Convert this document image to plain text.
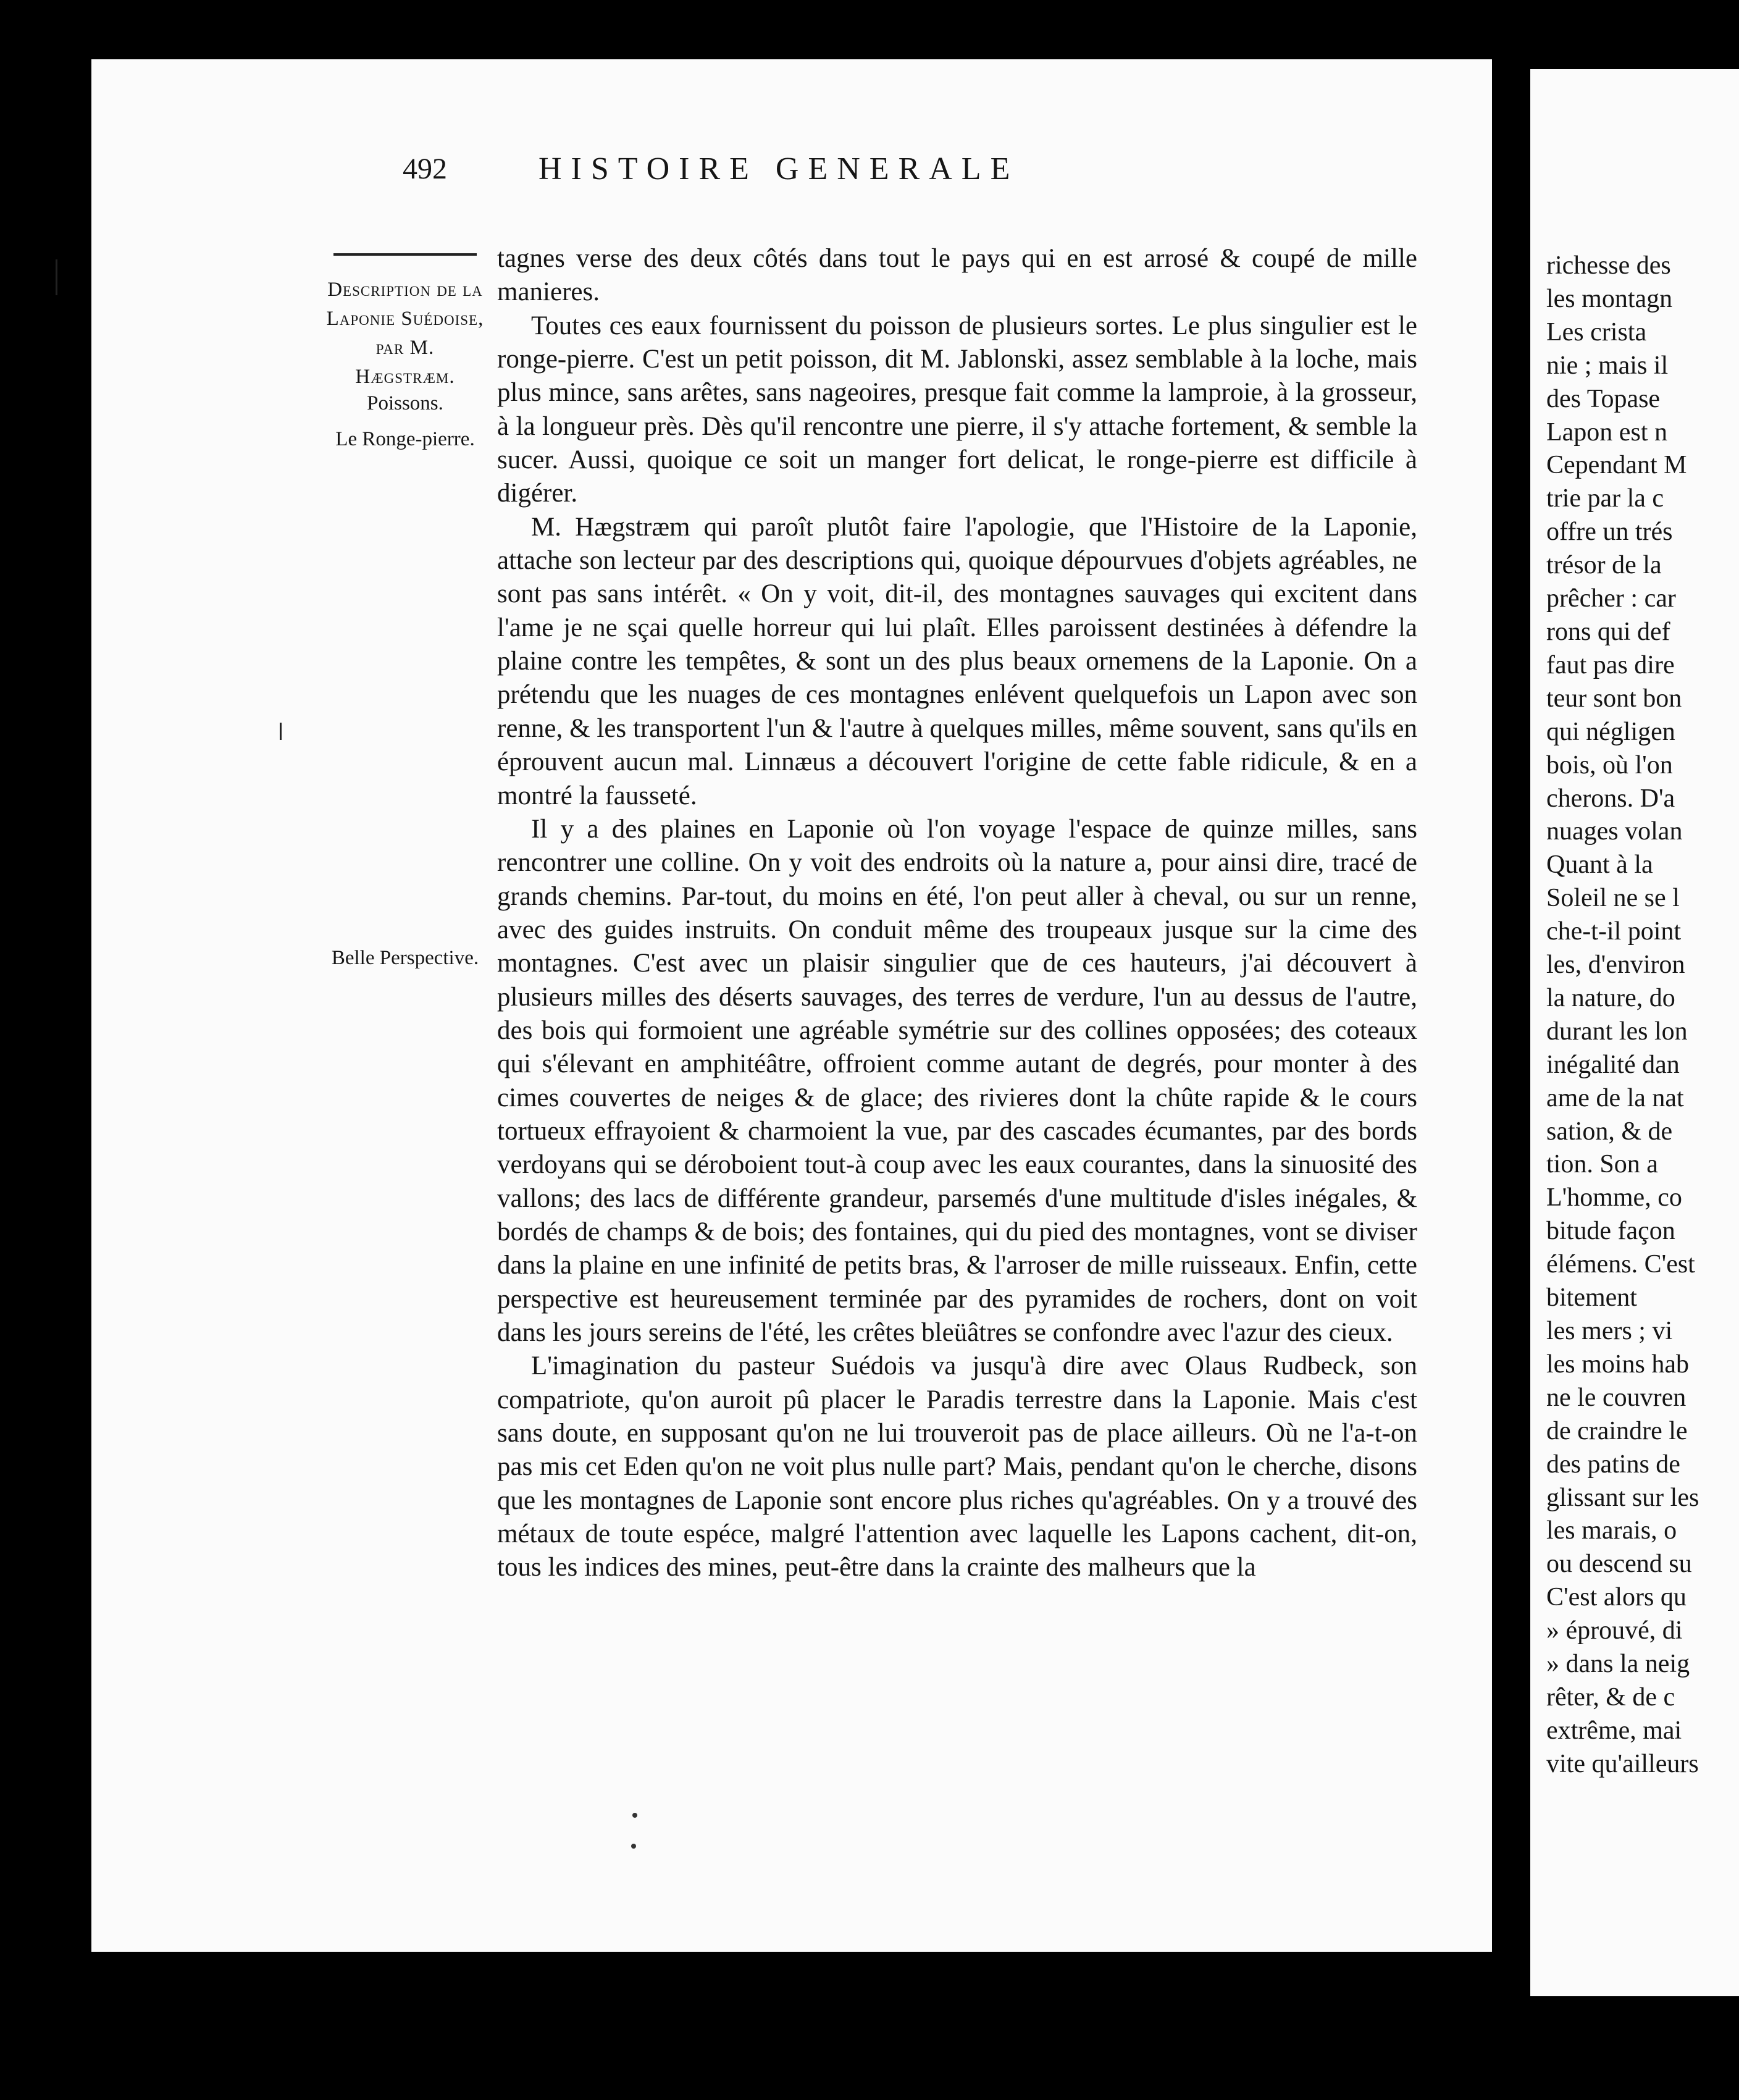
richesse des
les montagn
Les crista
nie ; mais il
des Topase
Lapon est n
Cependant M
trie par la c
offre un trés
trésor de la
prêcher : car
rons qui def
faut pas dire
teur sont bon
qui négligen
bois, où l'on
cherons. D'a
nuages volan
Quant à la
Soleil ne se l
che-t-il point
les, d'environ
la nature, do
durant les lon
inégalité dan
ame de la nat
sation, & de
tion. Son a
L'homme, co
bitude façon
élémens. C'est
bitement
les mers ; vi
les moins hab
ne le couvren
de craindre le
des patins de
glissant sur les
les marais, o
ou descend su
C'est alors qu
» éprouvé, di
» dans la neig
rêter, & de c
extrême, mai
vite qu'ailleurs
492	HISTOIRE GENERALE
Description de la Laponie Suédoise, par M. Hægstræm.
Poissons.
Le Ronge-pierre.
Belle Perspective.

tagnes verse des deux côtés dans tout le pays qui en est arrosé & coupé de mille manieres.

Toutes ces eaux fournissent du poisson de plusieurs sortes. Le plus singulier est le ronge-pierre. C'est un petit poisson, dit M. Jablonski, assez semblable à la loche, mais plus mince, sans arêtes, sans nageoires, presque fait comme la lamproie, à la grosseur, à la longueur près. Dès qu'il rencontre une pierre, il s'y attache fortement, & semble la sucer. Aussi, quoique ce soit un manger fort delicat, le ronge-pierre est difficile à digérer.

M. Hægstræm qui paroît plutôt faire l'apologie, que l'Histoire de la Laponie, attache son lecteur par des descriptions qui, quoique dépourvues d'objets agréables, ne sont pas sans intérêt. « On y voit, dit-il, des montagnes sauvages qui excitent dans l'ame je ne sçai quelle horreur qui lui plaît. Elles paroissent destinées à défendre la plaine contre les tempêtes, & sont un des plus beaux ornemens de la Laponie. On a prétendu que les nuages de ces montagnes enlévent quelquefois un Lapon avec son renne, & les transportent l'un & l'autre à quelques milles, même souvent, sans qu'ils en éprouvent aucun mal. Linnæus a découvert l'origine de cette fable ridicule, & en a montré la fausseté.

Il y a des plaines en Laponie où l'on voyage l'espace de quinze milles, sans rencontrer une colline. On y voit des endroits où la nature a, pour ainsi dire, tracé de grands chemins. Par-tout, du moins en été, l'on peut aller à cheval, ou sur un renne, avec des guides instruits. On conduit même des troupeaux jusque sur la cime des montagnes. C'est avec un plaisir singulier que de ces hauteurs, j'ai découvert à plusieurs milles des déserts sauvages, des terres de verdure, l'un au dessus de l'autre, des bois qui formoient une agréable symétrie sur des collines opposées; des coteaux qui s'élevant en amphitéâtre, offroient comme autant de degrés, pour monter à des cimes couvertes de neiges & de glace; des rivieres dont la chûte rapide & le cours tortueux effrayoient & charmoient la vue, par des cascades écumantes, par des bords verdoyans qui se déroboient tout-à coup avec les eaux courantes, dans la sinuosité des vallons; des lacs de différente grandeur, parsemés d'une multitude d'isles inégales, & bordés de champs & de bois; des fontaines, qui du pied des montagnes, vont se diviser dans la plaine en une infinité de petits bras, & l'arroser de mille ruisseaux. Enfin, cette perspective est heureusement terminée par des pyramides de rochers, dont on voit dans les jours sereins de l'été, les crêtes bleüâtres se confondre avec l'azur des cieux.

L'imagination du pasteur Suédois va jusqu'à dire avec Olaus Rudbeck, son compatriote, qu'on auroit pû placer le Paradis terrestre dans la Laponie. Mais c'est sans doute, en supposant qu'on ne lui trouveroit pas de place ailleurs. Où ne l'a-t-on pas mis cet Eden qu'on ne voit plus nulle part? Mais, pendant qu'on le cherche, disons que les montagnes de Laponie sont encore plus riches qu'agréables. On y a trouvé des métaux de toute espéce, malgré l'attention avec laquelle les Lapons cachent, dit-on, tous les indices des mines, peut-être dans la crainte des malheurs que la
